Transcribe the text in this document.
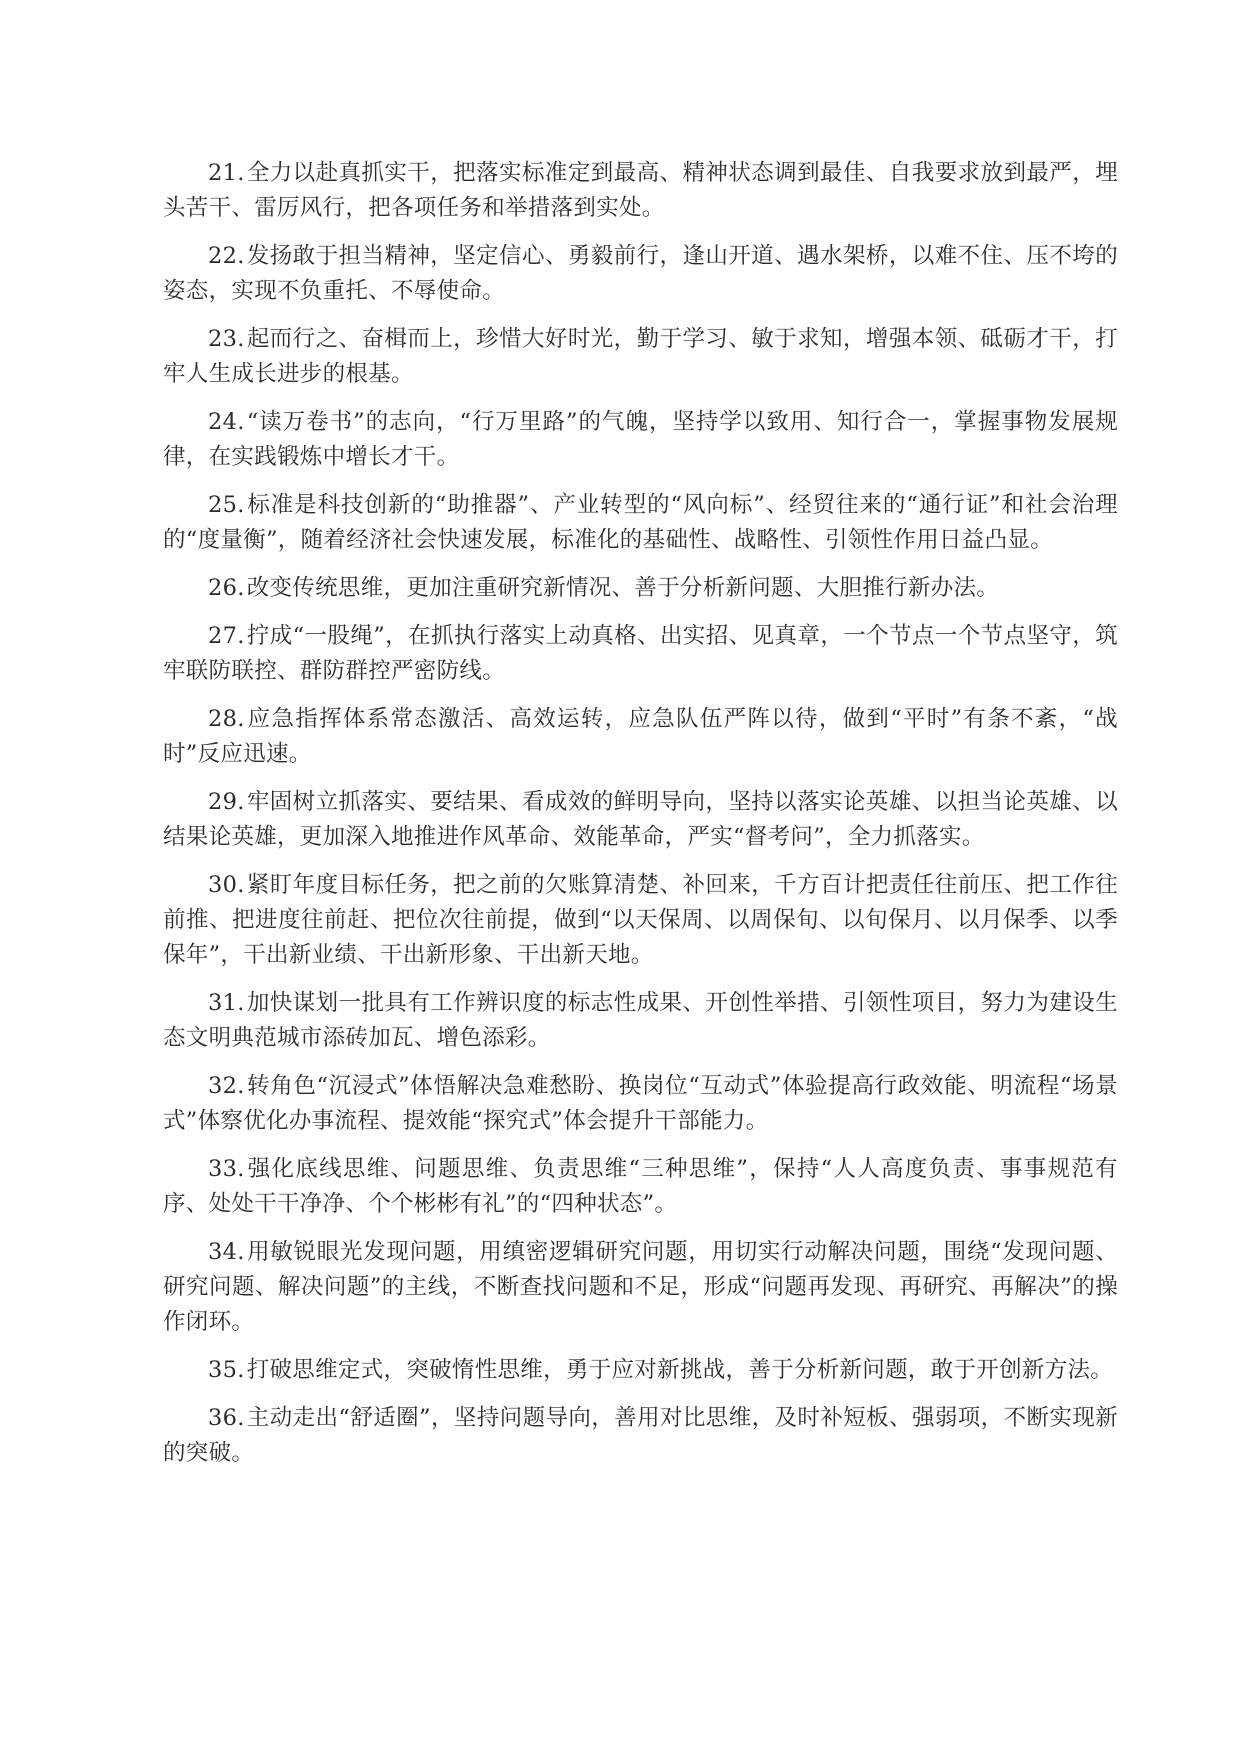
21.全力以赴真抓实干，把落实标准定到最高、精神状态调到最佳、自我要求放到最严，埋头苦干、雷厉风行，把各项任务和举措落到实处。

22.发扬敢于担当精神，坚定信心、勇毅前行，逢山开道、遇水架桥，以难不住、压不垮的姿态，实现不负重托、不辱使命。

23.起而行之、奋楫而上，珍惜大好时光，勤于学习、敏于求知，增强本领、砥砺才干，打牢人生成长进步的根基。

24.“读万卷书”的志向，“行万里路”的气魄，坚持学以致用、知行合一，掌握事物发展规律，在实践锻炼中增长才干。

25.标准是科技创新的“助推器”、产业转型的“风向标”、经贸往来的“通行证”和社会治理的“度量衡”，随着经济社会快速发展，标准化的基础性、战略性、引领性作用日益凸显。

26.改变传统思维，更加注重研究新情况、善于分析新问题、大胆推行新办法。

27.拧成“一股绳”，在抓执行落实上动真格、出实招、见真章，一个节点一个节点坚守，筑牢联防联控、群防群控严密防线。

28.应急指挥体系常态激活、高效运转，应急队伍严阵以待，做到“平时”有条不紊，“战时”反应迅速。

29.牢固树立抓落实、要结果、看成效的鲜明导向，坚持以落实论英雄、以担当论英雄、以结果论英雄，更加深入地推进作风革命、效能革命，严实“督考问”，全力抓落实。

30.紧盯年度目标任务，把之前的欠账算清楚、补回来，千方百计把责任往前压、把工作往前推、把进度往前赶、把位次往前提，做到“以天保周、以周保旬、以旬保月、以月保季、以季保年”，干出新业绩、干出新形象、干出新天地。

31.加快谋划一批具有工作辨识度的标志性成果、开创性举措、引领性项目，努力为建设生态文明典范城市添砖加瓦、增色添彩。

32.转角色“沉浸式”体悟解决急难愁盼、换岗位“互动式”体验提高行政效能、明流程“场景式”体察优化办事流程、提效能“探究式”体会提升干部能力。

33.强化底线思维、问题思维、负责思维“三种思维”，保持“人人高度负责、事事规范有序、处处干干净净、个个彬彬有礼”的“四种状态”。

34.用敏锐眼光发现问题，用缜密逻辑研究问题，用切实行动解决问题，围绕“发现问题、研究问题、解决问题”的主线，不断查找问题和不足，形成“问题再发现、再研究、再解决”的操作闭环。

35.打破思维定式，突破惰性思维，勇于应对新挑战，善于分析新问题，敢于开创新方法。

36.主动走出“舒适圈”，坚持问题导向，善用对比思维，及时补短板、强弱项，不断实现新的突破。
